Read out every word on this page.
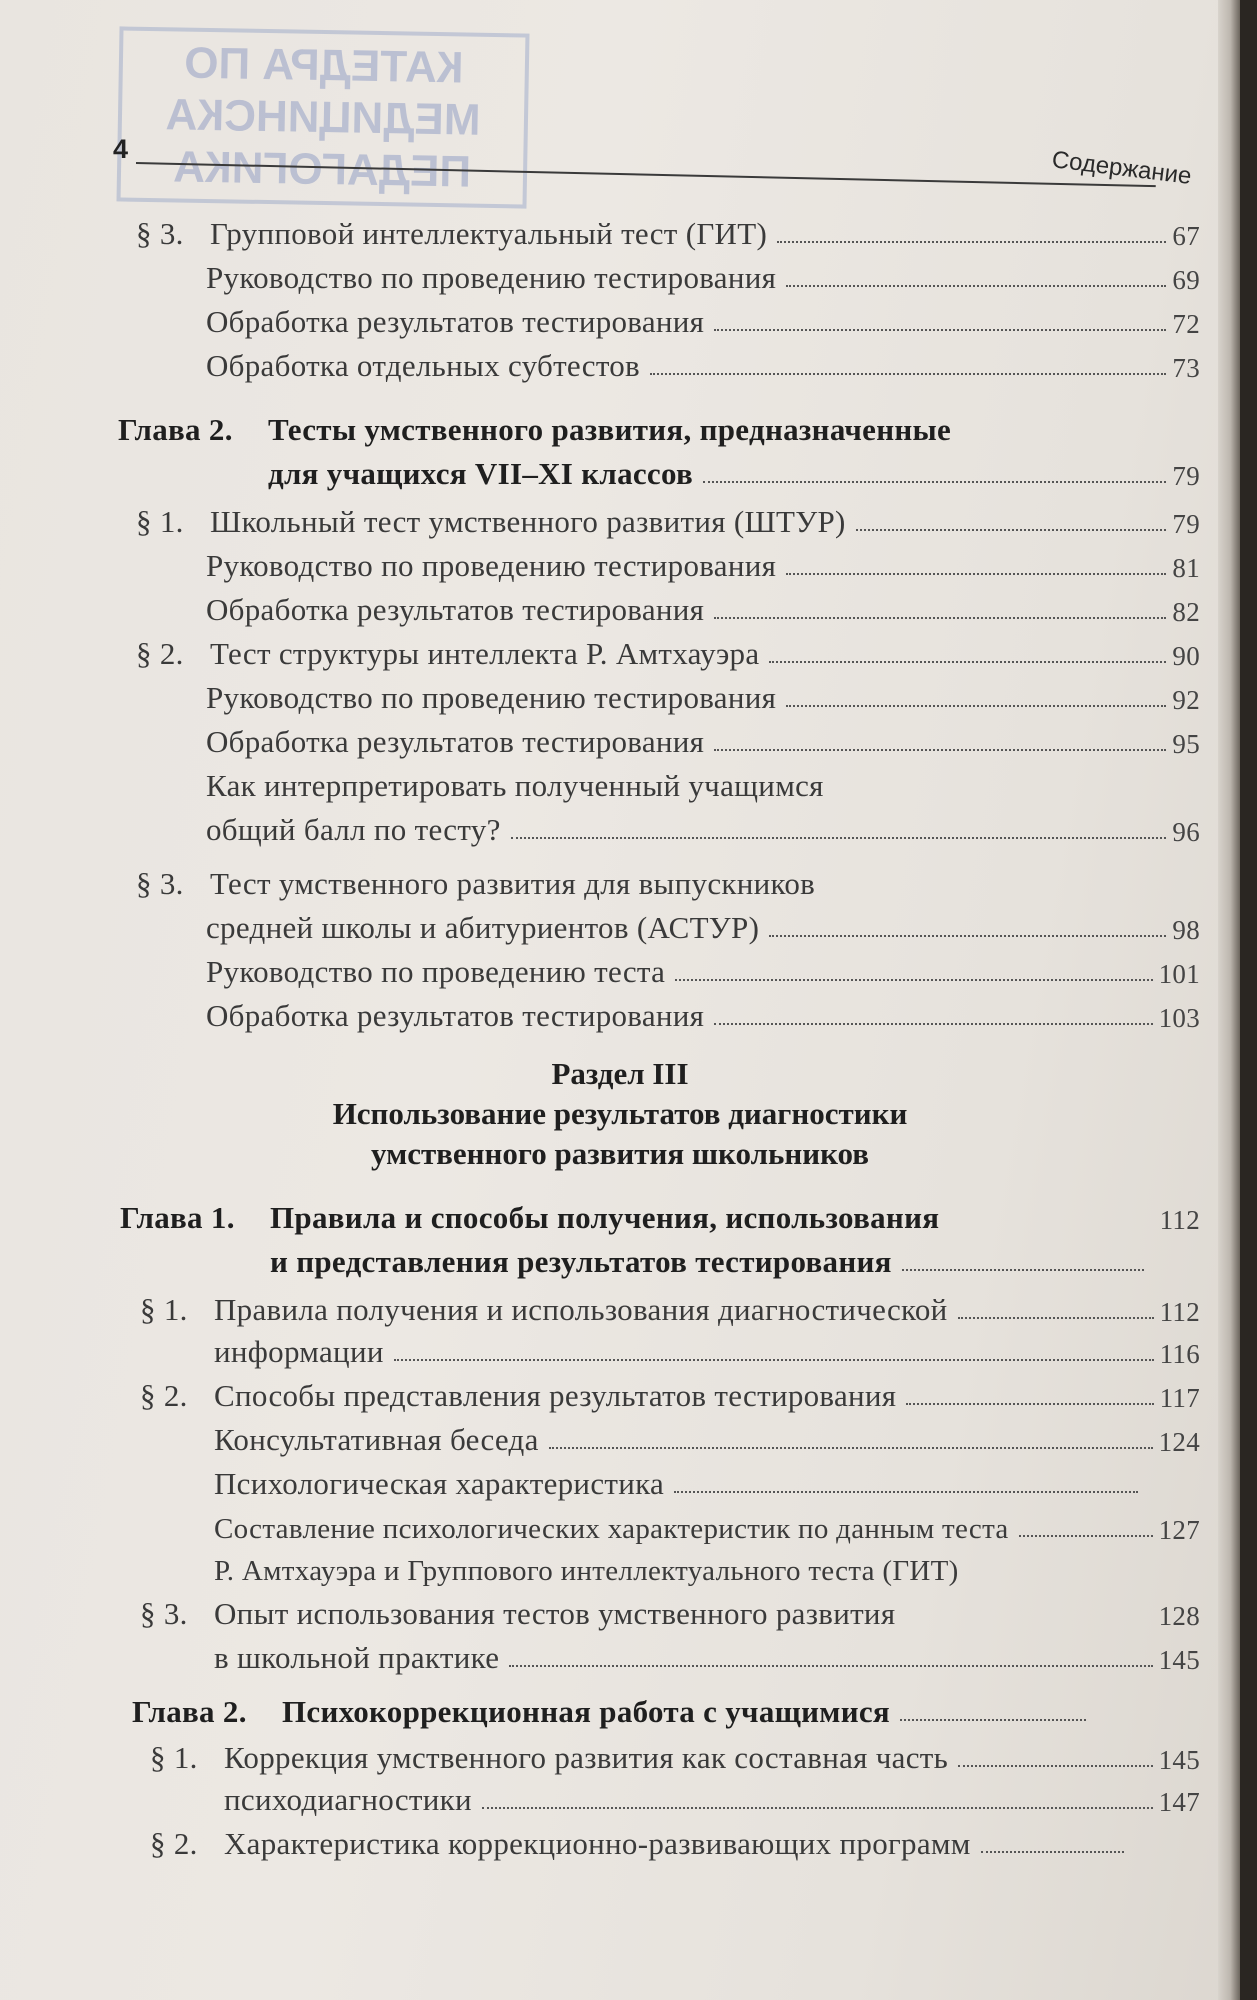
КАТЕДРА ПО
МЕДИЦИНСКА
ПЕДАГОГИКА
4	Содержание
§ 3. Групповой интеллектуальный тест (ГИТ)	67
Руководство по проведению тестирования	69
Обработка результатов тестирования	72
Обработка отдельных субтестов	73
Глава 2.	Тесты умственного развития, предназначенные
для учащихся VII–XI классов	79
§ 1. Школьный тест умственного развития (ШТУР)	79
Руководство по проведению тестирования	81
Обработка результатов тестирования	82
§ 2. Тест структуры интеллекта Р. Амтхауэра	90
Руководство по проведению тестирования	92
Обработка результатов тестирования	95
Как интерпретировать полученный учащимся
общий балл по тесту?	96
§ 3. Тест умственного развития для выпускников
средней школы и абитуриентов (АСТУР)	98
Руководство по проведению теста	101
Обработка результатов тестирования	103
Раздел III
Использование результатов диагностики
умственного развития школьников
Глава 1.	Правила и способы получения, использования	112
и представления результатов тестирования
§ 1. Правила получения и использования диагностической	112
информации	116
§ 2. Способы представления результатов тестирования	117
Консультативная беседа	124
Психологическая характеристика
Составление психологических характеристик по данным теста	127
Р. Амтхауэра и Группового интеллектуального теста (ГИТ)
§ 3. Опыт использования тестов умственного развития	128
в школьной практике	145
Глава 2.	Психокоррекционная работа с учащимися
§ 1. Коррекция умственного развития как составная часть	145
психодиагностики	147
§ 2. Характеристика коррекционно-развивающих программ
